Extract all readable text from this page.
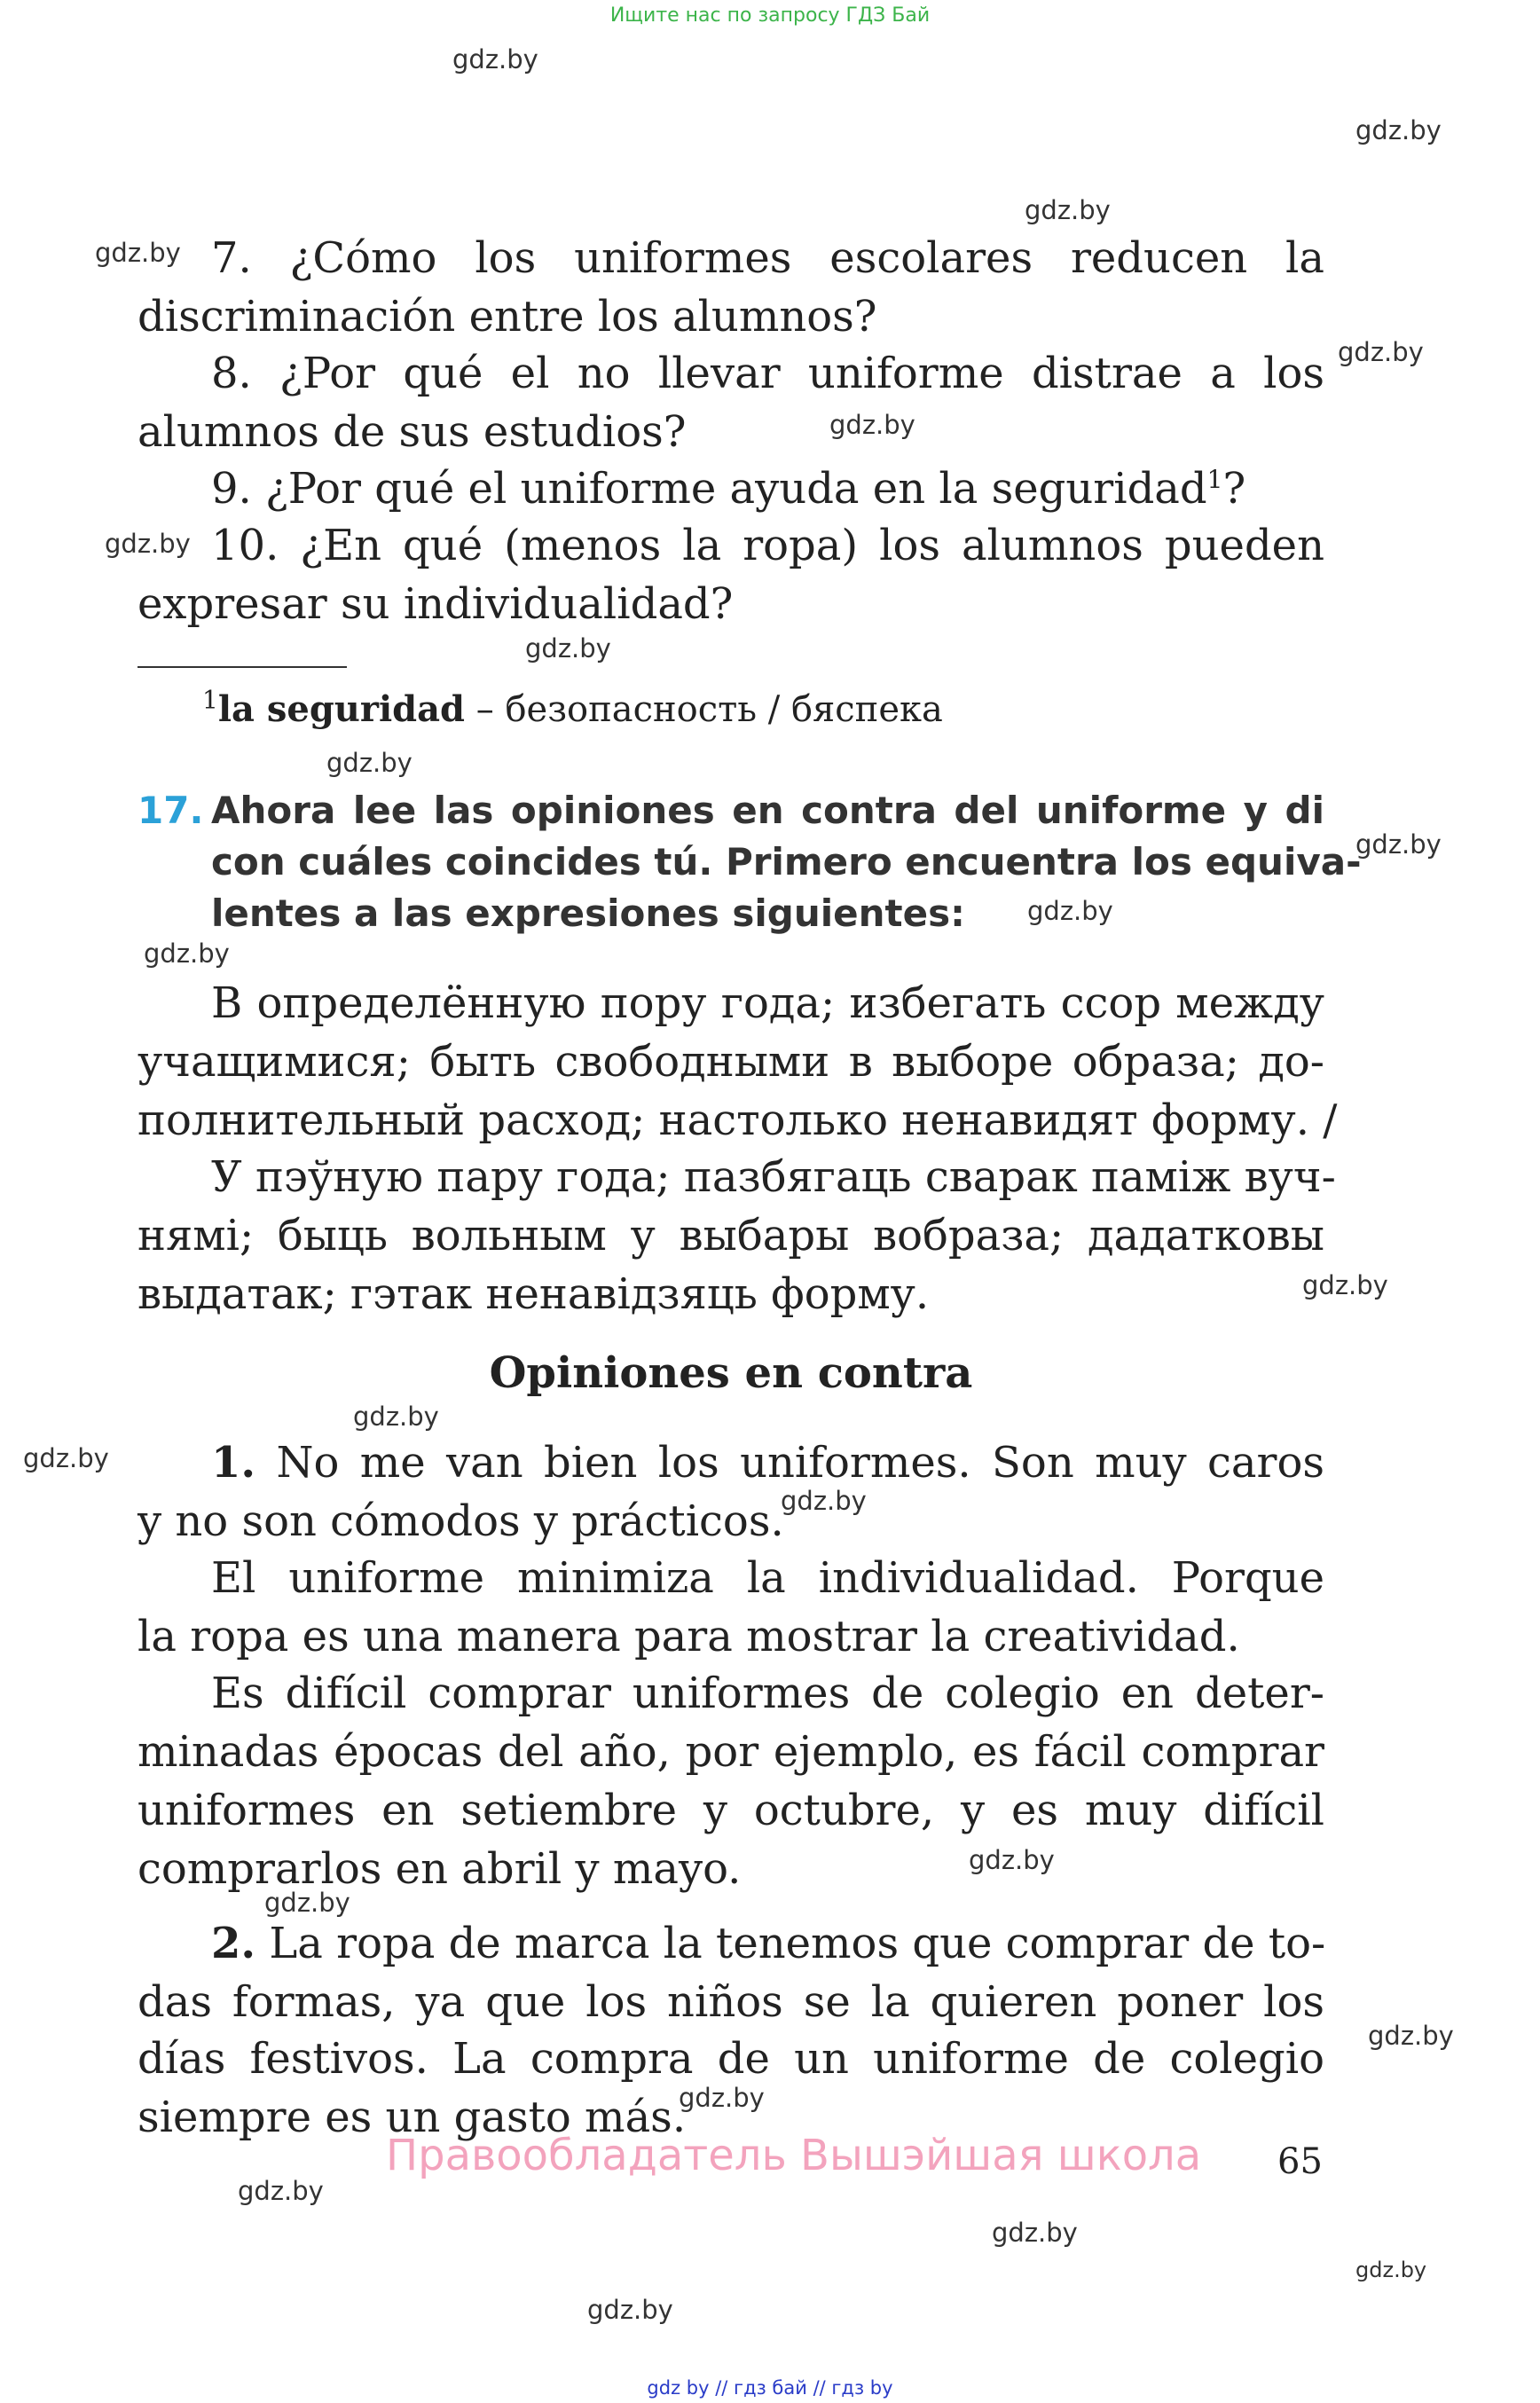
Ищите нас по запросу ГДЗ Бай
gdz.by
gdz.by
gdz.by
gdz.by
gdz.by
gdz.by
gdz.by
gdz.by
gdz.by
gdz.by
gdz.by
gdz.by
gdz.by
gdz.by
gdz.by
gdz.by
gdz.by
gdz.by
gdz.by
gdz.by
gdz.by
gdz.by
gdz.by
gdz.by
7. ¿Cómo los uniformes escolares reducen la
discriminación entre los alumnos?
8. ¿Por qué el no llevar uniforme distrae a los
alumnos de sus estudios?
9. ¿Por qué el uniforme ayuda en la seguridad$^1$?
10. ¿En qué (menos la ropa) los alumnos pueden
expresar su individualidad?
$^1$la seguridad – безопасность / бяспека
17. Ahora lee las opiniones en contra del uniforme y di
con cuáles coincides tú. Primero encuentra los equiva-
lentes a las expresiones siguientes:
В определённую пору года; избегать ссор между
учащимися; быть свободными в выборе образа; до-
полнительный расход; настолько ненавидят форму. /
У пэўную пару года; пазбягаць сварак паміж вуч-
нямі; быць вольным у выбары вобраза; дадатковы
выдатак; гэтак ненавідзяць форму.
Opiniones en contra
1. No me van bien los uniformes. Son muy caros
y no son cómodos y prácticos.
El uniforme minimiza la individualidad. Porque
la ropa es una manera para mostrar la creatividad.
Es difícil comprar uniformes de colegio en deter-
minadas épocas del año, por ejemplo, es fácil comprar
uniformes en setiembre y octubre, y es muy difícil
comprarlos en abril y mayo.
2. La ropa de marca la tenemos que comprar de to-
das formas, ya que los niños se la quieren poner los
días festivos. La compra de un uniforme de colegio
siempre es un gasto más.
Правообладатель Вышэйшая школа 65
gdz by // гдз бай // гдз by
